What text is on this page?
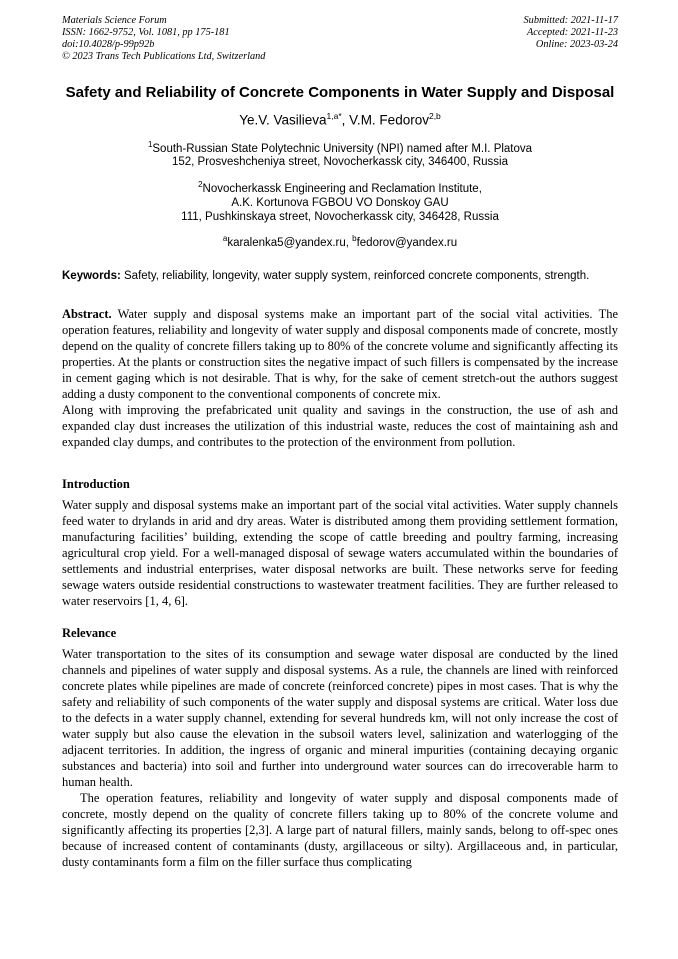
Materials Science Forum
ISSN: 1662-9752, Vol. 1081, pp 175-181
doi:10.4028/p-99p92b
© 2023 Trans Tech Publications Ltd, Switzerland
Submitted: 2021-11-17
Accepted: 2021-11-23
Online: 2023-03-24
Safety and Reliability of Concrete Components in Water Supply and Disposal
Ye.V. Vasilieva$^{1,a*}$, V.M. Fedorov$^{2,b}$

$^1$South-Russian State Polytechnic University (NPI) named after M.I. Platova
152, Prosveshcheniya street, Novocherkassk city, 346400, Russia

$^2$Novocherkassk Engineering and Reclamation Institute,
A.K. Kortunova FGBOU VO Donskoy GAU
111, Pushkinskaya street, Novocherkassk city, 346428, Russia

$^a$karalenka5@yandex.ru, $^b$fedorov@yandex.ru

Keywords: Safety, reliability, longevity, water supply system, reinforced concrete components, strength.

Abstract. Water supply and disposal systems make an important part of the social vital activities. The operation features, reliability and longevity of water supply and disposal components made of concrete, mostly depend on the quality of concrete fillers taking up to 80% of the concrete volume and significantly affecting its properties. At the plants or construction sites the negative impact of such fillers is compensated by the increase in cement gaging which is not desirable. That is why, for the sake of cement stretch-out the authors suggest adding a dusty component to the conventional components of concrete mix.

Along with improving the prefabricated unit quality and savings in the construction, the use of ash and expanded clay dust increases the utilization of this industrial waste, reduces the cost of maintaining ash and expanded clay dumps, and contributes to the protection of the environment from pollution.

Introduction

Water supply and disposal systems make an important part of the social vital activities. Water supply channels feed water to drylands in arid and dry areas. Water is distributed among them providing settlement formation, manufacturing facilities’ building, extending the scope of cattle breeding and poultry farming, increasing agricultural crop yield. For a well-managed disposal of sewage waters accumulated within the boundaries of settlements and industrial enterprises, water disposal networks are built. These networks serve for feeding sewage waters outside residential constructions to wastewater treatment facilities. They are further released to water reservoirs [1, 4, 6].

Relevance

Water transportation to the sites of its consumption and sewage water disposal are conducted by the lined channels and pipelines of water supply and disposal systems. As a rule, the channels are lined with reinforced concrete plates while pipelines are made of concrete (reinforced concrete) pipes in most cases. That is why the safety and reliability of such components of the water supply and disposal systems are critical. Water loss due to the defects in a water supply channel, extending for several hundreds km, will not only increase the cost of water supply but also cause the elevation in the subsoil waters level, salinization and waterlogging of the adjacent territories. In addition, the ingress of organic and mineral impurities (containing decaying organic substances and bacteria) into soil and further into underground water sources can do irrecoverable harm to human health.

The operation features, reliability and longevity of water supply and disposal components made of concrete, mostly depend on the quality of concrete fillers taking up to 80% of the concrete volume and significantly affecting its properties [2,3]. A large part of natural fillers, mainly sands, belong to off-spec ones because of increased content of contaminants (dusty, argillaceous or silty). Argillaceous and, in particular, dusty contaminants form a film on the filler surface thus complicating
